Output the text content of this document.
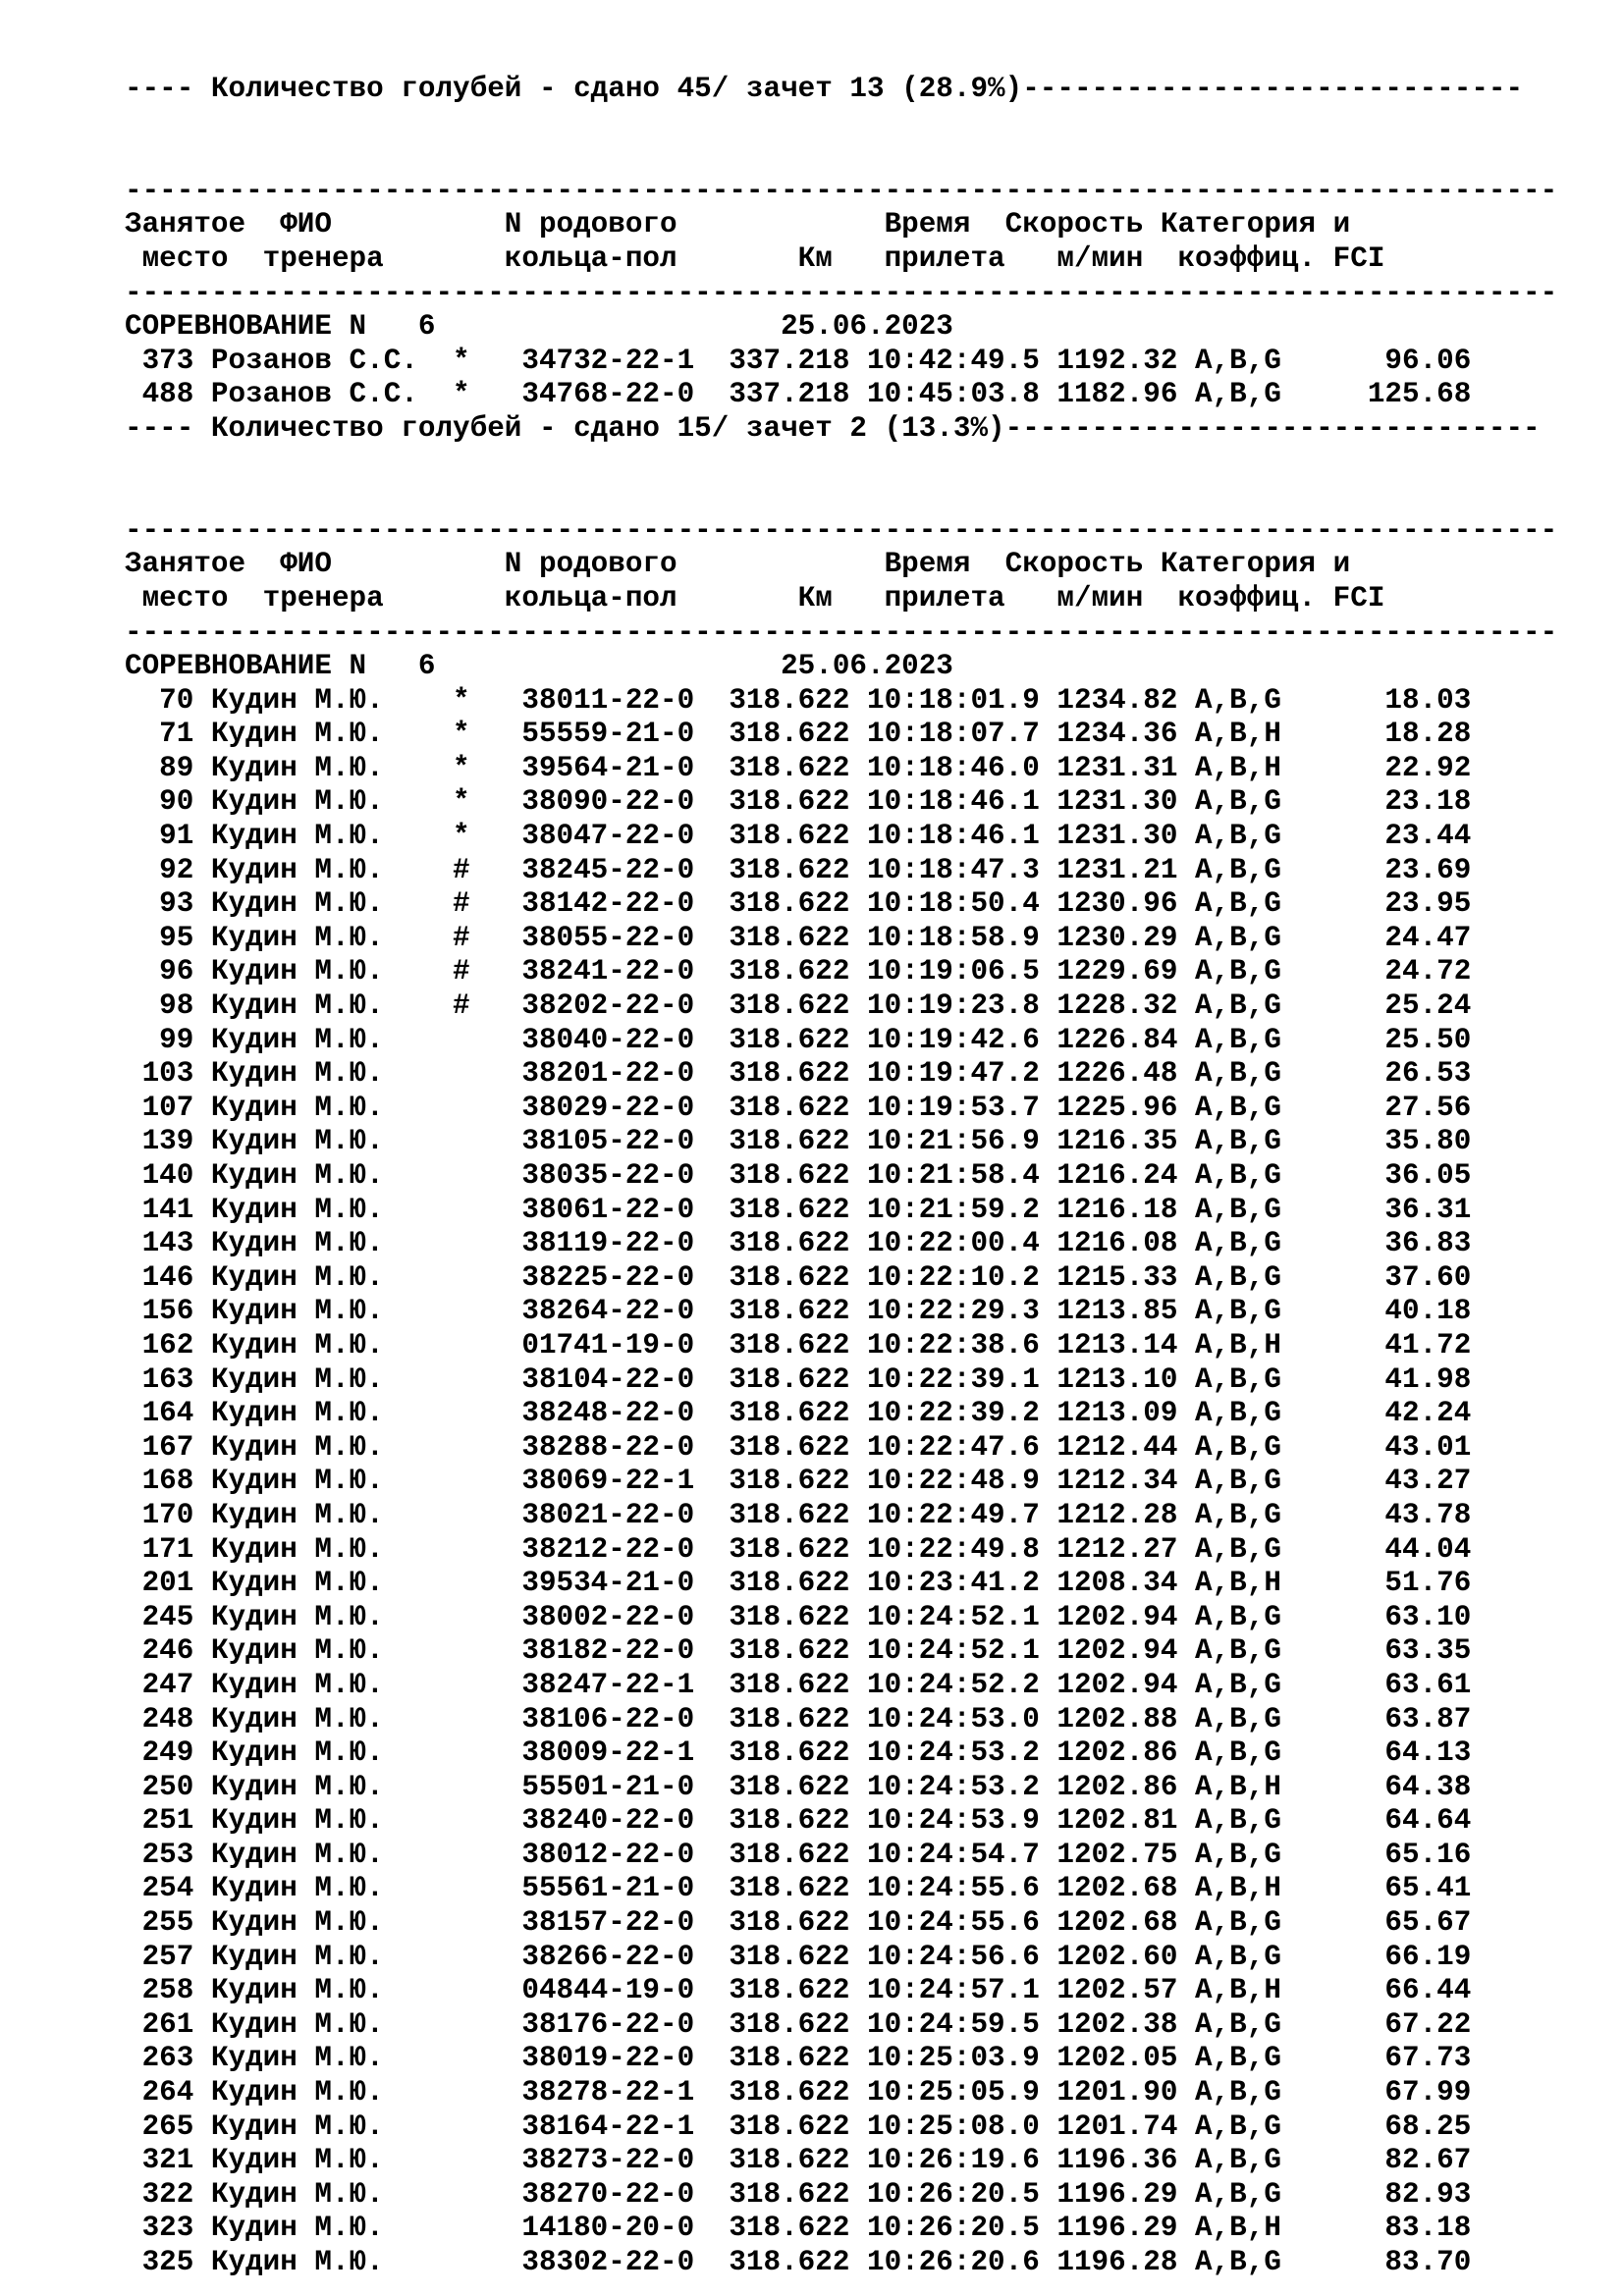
---- Количество голубей - сдано 45/ зачет 13 (28.9%)-----------------------------
-----------------------------------------------------------------------------------
Занятое  ФИО          N родового            Время  Скорость Категория и
место  тренера       кольца-пол       Км   прилета   м/мин  коэффиц. FCI
-----------------------------------------------------------------------------------
СОРЕВНОВАНИЕ N   6                    25.06.2023
373 Розанов С.С.  *   34732-22-1  337.218 10:42:49.5 1192.32 A,B,G      96.06
488 Розанов С.С.  *   34768-22-0  337.218 10:45:03.8 1182.96 A,B,G     125.68
---- Количество голубей - сдано 15/ зачет 2 (13.3%)-------------------------------
-----------------------------------------------------------------------------------
Занятое  ФИО          N родового            Время  Скорость Категория и
место  тренера       кольца-пол       Км   прилета   м/мин  коэффиц. FCI
-----------------------------------------------------------------------------------
СОРЕВНОВАНИЕ N   6                    25.06.2023
70 Кудин М.Ю.    *   38011-22-0  318.622 10:18:01.9 1234.82 A,B,G      18.03
71 Кудин М.Ю.    *   55559-21-0  318.622 10:18:07.7 1234.36 A,B,H      18.28
89 Кудин М.Ю.    *   39564-21-0  318.622 10:18:46.0 1231.31 A,B,H      22.92
90 Кудин М.Ю.    *   38090-22-0  318.622 10:18:46.1 1231.30 A,B,G      23.18
91 Кудин М.Ю.    *   38047-22-0  318.622 10:18:46.1 1231.30 A,B,G      23.44
92 Кудин М.Ю.    #   38245-22-0  318.622 10:18:47.3 1231.21 A,B,G      23.69
93 Кудин М.Ю.    #   38142-22-0  318.622 10:18:50.4 1230.96 A,B,G      23.95
95 Кудин М.Ю.    #   38055-22-0  318.622 10:18:58.9 1230.29 A,B,G      24.47
96 Кудин М.Ю.    #   38241-22-0  318.622 10:19:06.5 1229.69 A,B,G      24.72
98 Кудин М.Ю.    #   38202-22-0  318.622 10:19:23.8 1228.32 A,B,G      25.24
99 Кудин М.Ю.        38040-22-0  318.622 10:19:42.6 1226.84 A,B,G      25.50
103 Кудин М.Ю.        38201-22-0  318.622 10:19:47.2 1226.48 A,B,G      26.53
107 Кудин М.Ю.        38029-22-0  318.622 10:19:53.7 1225.96 A,B,G      27.56
139 Кудин М.Ю.        38105-22-0  318.622 10:21:56.9 1216.35 A,B,G      35.80
140 Кудин М.Ю.        38035-22-0  318.622 10:21:58.4 1216.24 A,B,G      36.05
141 Кудин М.Ю.        38061-22-0  318.622 10:21:59.2 1216.18 A,B,G      36.31
143 Кудин М.Ю.        38119-22-0  318.622 10:22:00.4 1216.08 A,B,G      36.83
146 Кудин М.Ю.        38225-22-0  318.622 10:22:10.2 1215.33 A,B,G      37.60
156 Кудин М.Ю.        38264-22-0  318.622 10:22:29.3 1213.85 A,B,G      40.18
162 Кудин М.Ю.        01741-19-0  318.622 10:22:38.6 1213.14 A,B,H      41.72
163 Кудин М.Ю.        38104-22-0  318.622 10:22:39.1 1213.10 A,B,G      41.98
164 Кудин М.Ю.        38248-22-0  318.622 10:22:39.2 1213.09 A,B,G      42.24
167 Кудин М.Ю.        38288-22-0  318.622 10:22:47.6 1212.44 A,B,G      43.01
168 Кудин М.Ю.        38069-22-1  318.622 10:22:48.9 1212.34 A,B,G      43.27
170 Кудин М.Ю.        38021-22-0  318.622 10:22:49.7 1212.28 A,B,G      43.78
171 Кудин М.Ю.        38212-22-0  318.622 10:22:49.8 1212.27 A,B,G      44.04
201 Кудин М.Ю.        39534-21-0  318.622 10:23:41.2 1208.34 A,B,H      51.76
245 Кудин М.Ю.        38002-22-0  318.622 10:24:52.1 1202.94 A,B,G      63.10
246 Кудин М.Ю.        38182-22-0  318.622 10:24:52.1 1202.94 A,B,G      63.35
247 Кудин М.Ю.        38247-22-1  318.622 10:24:52.2 1202.94 A,B,G      63.61
248 Кудин М.Ю.        38106-22-0  318.622 10:24:53.0 1202.88 A,B,G      63.87
249 Кудин М.Ю.        38009-22-1  318.622 10:24:53.2 1202.86 A,B,G      64.13
250 Кудин М.Ю.        55501-21-0  318.622 10:24:53.2 1202.86 A,B,H      64.38
251 Кудин М.Ю.        38240-22-0  318.622 10:24:53.9 1202.81 A,B,G      64.64
253 Кудин М.Ю.        38012-22-0  318.622 10:24:54.7 1202.75 A,B,G      65.16
254 Кудин М.Ю.        55561-21-0  318.622 10:24:55.6 1202.68 A,B,H      65.41
255 Кудин М.Ю.        38157-22-0  318.622 10:24:55.6 1202.68 A,B,G      65.67
257 Кудин М.Ю.        38266-22-0  318.622 10:24:56.6 1202.60 A,B,G      66.19
258 Кудин М.Ю.        04844-19-0  318.622 10:24:57.1 1202.57 A,B,H      66.44
261 Кудин М.Ю.        38176-22-0  318.622 10:24:59.5 1202.38 A,B,G      67.22
263 Кудин М.Ю.        38019-22-0  318.622 10:25:03.9 1202.05 A,B,G      67.73
264 Кудин М.Ю.        38278-22-1  318.622 10:25:05.9 1201.90 A,B,G      67.99
265 Кудин М.Ю.        38164-22-1  318.622 10:25:08.0 1201.74 A,B,G      68.25
321 Кудин М.Ю.        38273-22-0  318.622 10:26:19.6 1196.36 A,B,G      82.67
322 Кудин М.Ю.        38270-22-0  318.622 10:26:20.5 1196.29 A,B,G      82.93
323 Кудин М.Ю.        14180-20-0  318.622 10:26:20.5 1196.29 A,B,H      83.18
325 Кудин М.Ю.        38302-22-0  318.622 10:26:20.6 1196.28 A,B,G      83.70
